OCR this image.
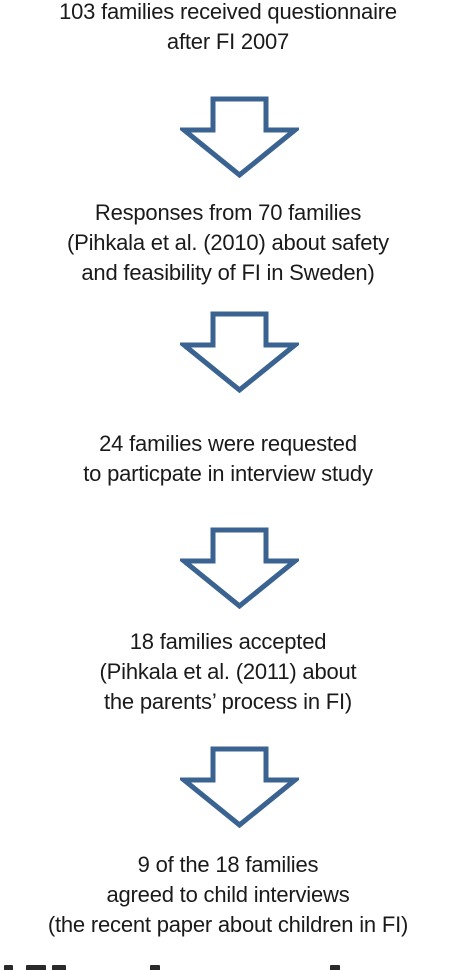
103 families received questionnaire
after FI 2007
Responses from 70 families
(Pihkala et al. (2010) about safety
and feasibility of FI in Sweden)
24 families were requested
to particpate in interview study
18 families accepted
(Pihkala et al. (2011) about
the parents’ process in FI)
9 of the 18 families
agreed to child interviews
(the recent paper about children in FI)
